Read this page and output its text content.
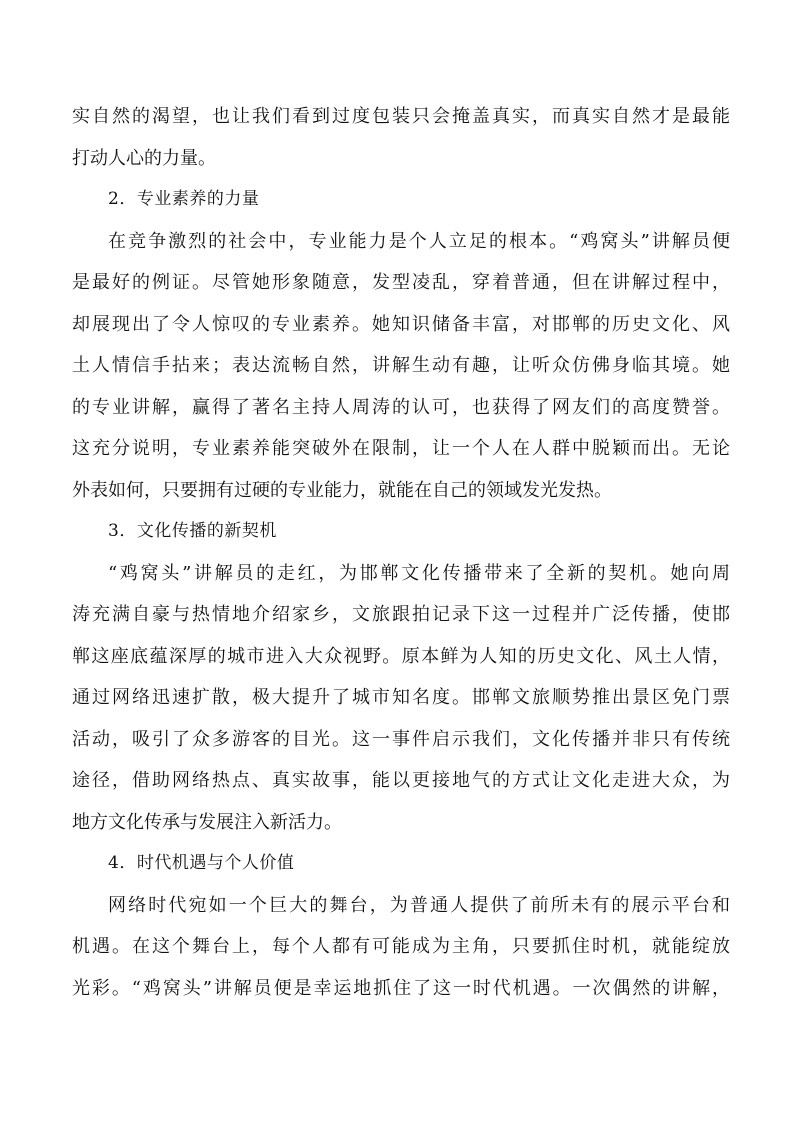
实自然的渴望，也让我们看到过度包装只会掩盖真实，而真实自然才是最能
打动人心的力量。
2．专业素养的力量
在竞争激烈的社会中，专业能力是个人立足的根本。“鸡窝头”讲解员便
是最好的例证。尽管她形象随意，发型凌乱，穿着普通，但在讲解过程中，
却展现出了令人惊叹的专业素养。她知识储备丰富，对邯郸的历史文化、风
土人情信手拈来；表达流畅自然，讲解生动有趣，让听众仿佛身临其境。她
的专业讲解，赢得了著名主持人周涛的认可，也获得了网友们的高度赞誉。
这充分说明，专业素养能突破外在限制，让一个人在人群中脱颖而出。无论
外表如何，只要拥有过硬的专业能力，就能在自己的领域发光发热。
3．文化传播的新契机
“鸡窝头”讲解员的走红，为邯郸文化传播带来了全新的契机。她向周
涛充满自豪与热情地介绍家乡，文旅跟拍记录下这一过程并广泛传播，使邯
郸这座底蕴深厚的城市进入大众视野。原本鲜为人知的历史文化、风土人情，
通过网络迅速扩散，极大提升了城市知名度。邯郸文旅顺势推出景区免门票
活动，吸引了众多游客的目光。这一事件启示我们，文化传播并非只有传统
途径，借助网络热点、真实故事，能以更接地气的方式让文化走进大众，为
地方文化传承与发展注入新活力。
4．时代机遇与个人价值
网络时代宛如一个巨大的舞台，为普通人提供了前所未有的展示平台和
机遇。在这个舞台上，每个人都有可能成为主角，只要抓住时机，就能绽放
光彩。“鸡窝头”讲解员便是幸运地抓住了这一时代机遇。一次偶然的讲解，
